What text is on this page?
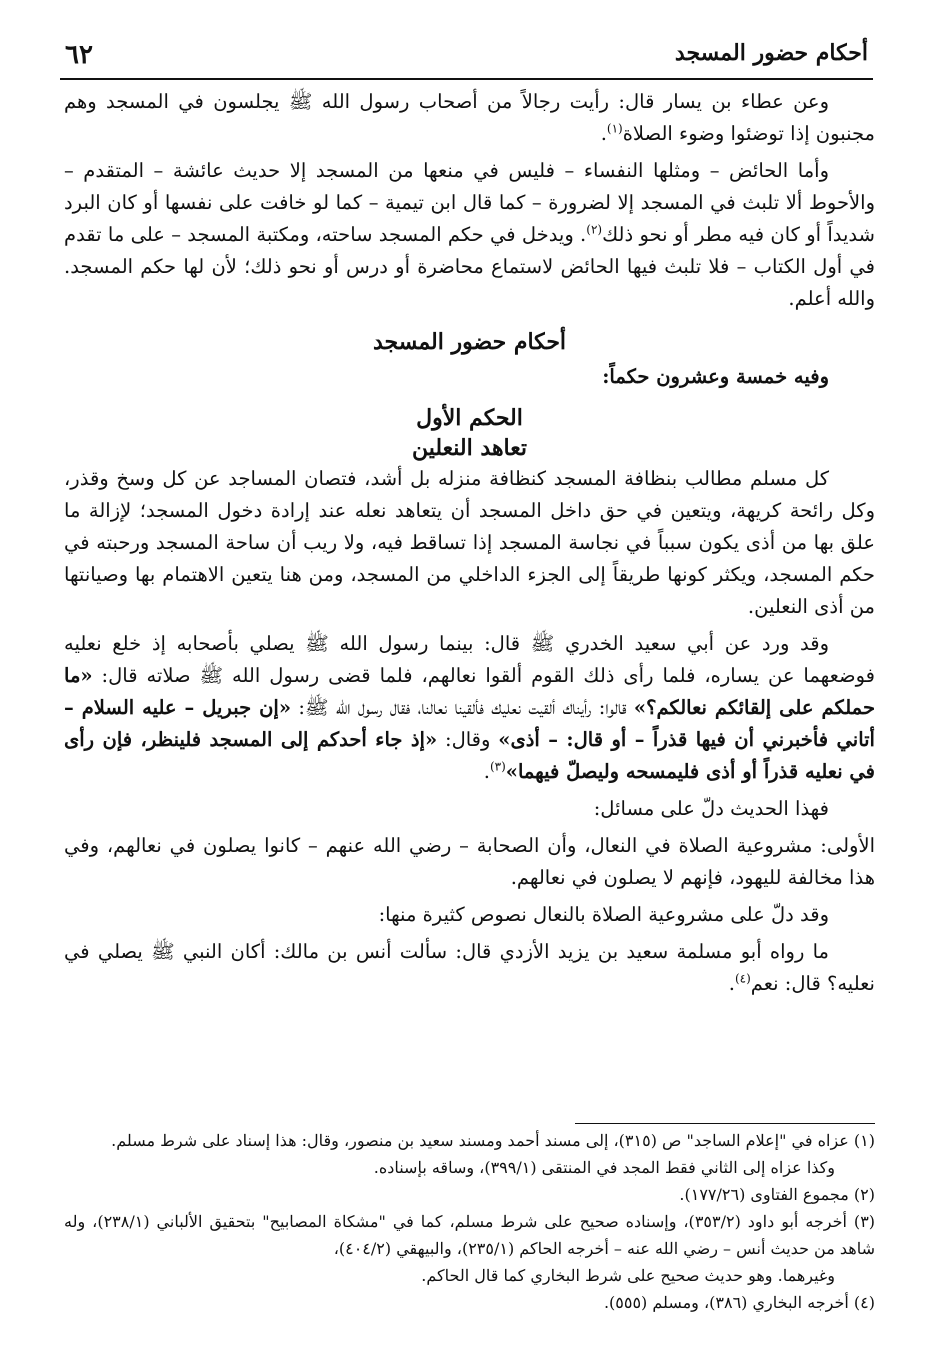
أحكام حضور المسجد
٦٢

وعن عطاء بن يسار قال: رأيت رجالاً من أصحاب رسول الله ﷺ يجلسون في المسجد وهم مجنبون إذا توضئوا وضوء الصلاة$^{(١)}$.

وأما الحائض – ومثلها النفساء – فليس في منعها من المسجد إلا حديث عائشة – المتقدم – والأحوط ألا تلبث في المسجد إلا لضرورة – كما قال ابن تيمية – كما لو خافت على نفسها أو كان البرد شديداً أو كان فيه مطر أو نحو ذلك$^{(٢)}$. ويدخل في حكم المسجد ساحته، ومكتبة المسجد – على ما تقدم في أول الكتاب – فلا تلبث فيها الحائض لاستماع محاضرة أو درس أو نحو ذلك؛ لأن لها حكم المسجد. والله أعلم.

أحكام حضور المسجد

وفيه خمسة وعشرون حكماً:

الحكم الأول

تعاهد النعلين

كل مسلم مطالب بنظافة المسجد كنظافة منزله بل أشد، فتصان المساجد عن كل وسخ وقذر، وكل رائحة كريهة، ويتعين في حق داخل المسجد أن يتعاهد نعله عند إرادة دخول المسجد؛ لإزالة ما علق بها من أذى يكون سبباً في نجاسة المسجد إذا تساقط فيه، ولا ريب أن ساحة المسجد ورحبته في حكم المسجد، ويكثر كونها طريقاً إلى الجزء الداخلي من المسجد، ومن هنا يتعين الاهتمام بها وصيانتها من أذى النعلين.

وقد ورد عن أبي سعيد الخدري ﷺ قال: بينما رسول الله ﷺ يصلي بأصحابه إذ خلع نعليه فوضعهما عن يساره، فلما رأى ذلك القوم ألقوا نعالهم، فلما قضى رسول الله ﷺ صلاته قال: «ما حملكم على إلقائكم نعالكم؟» قالوا: رأيناك ألقيت نعليك فألقينا نعالنا، فقال رسول الله ﷺ: «إن جبريل – عليه السلام – أتاني فأخبرني أن فيها قذراً – أو قال: – أذى» وقال: «إذ جاء أحدكم إلى المسجد فلينظر، فإن رأى في نعليه قذراً أو أذى فليمسحه وليصلّ فيهما»$^{(٣)}$.

فهذا الحديث دلّ على مسائل:

الأولى: مشروعية الصلاة في النعال، وأن الصحابة – رضي الله عنهم – كانوا يصلون في نعالهم، وفي هذا مخالفة لليهود، فإنهم لا يصلون في نعالهم.

وقد دلّ على مشروعية الصلاة بالنعال نصوص كثيرة منها:

ما رواه أبو مسلمة سعيد بن يزيد الأزدي قال: سألت أنس بن مالك: أكان النبي ﷺ يصلي في نعليه؟ قال: نعم$^{(٤)}$.

(١) عزاه في "إعلام الساجد" ص (٣١٥)، إلى مسند أحمد ومسند سعيد بن منصور، وقال: هذا إسناد على شرط مسلم.

وكذا عزاه إلى الثاني فقط المجد في المنتقى (٣٩٩/١)، وساقه بإسناده.

(٢) مجموع الفتاوى (١٧٧/٢٦).

(٣) أخرجه أبو داود (٣٥٣/٢)، وإسناده صحيح على شرط مسلم، كما في "مشكاة المصابيح" بتحقيق الألباني (٢٣٨/١)، وله شاهد من حديث أنس – رضي الله عنه – أخرجه الحاكم (٢٣٥/١)، والبيهقي (٤٠٤/٢)،

وغيرهما. وهو حديث صحيح على شرط البخاري كما قال الحاكم.

(٤) أخرجه البخاري (٣٨٦)، ومسلم (٥٥٥).
